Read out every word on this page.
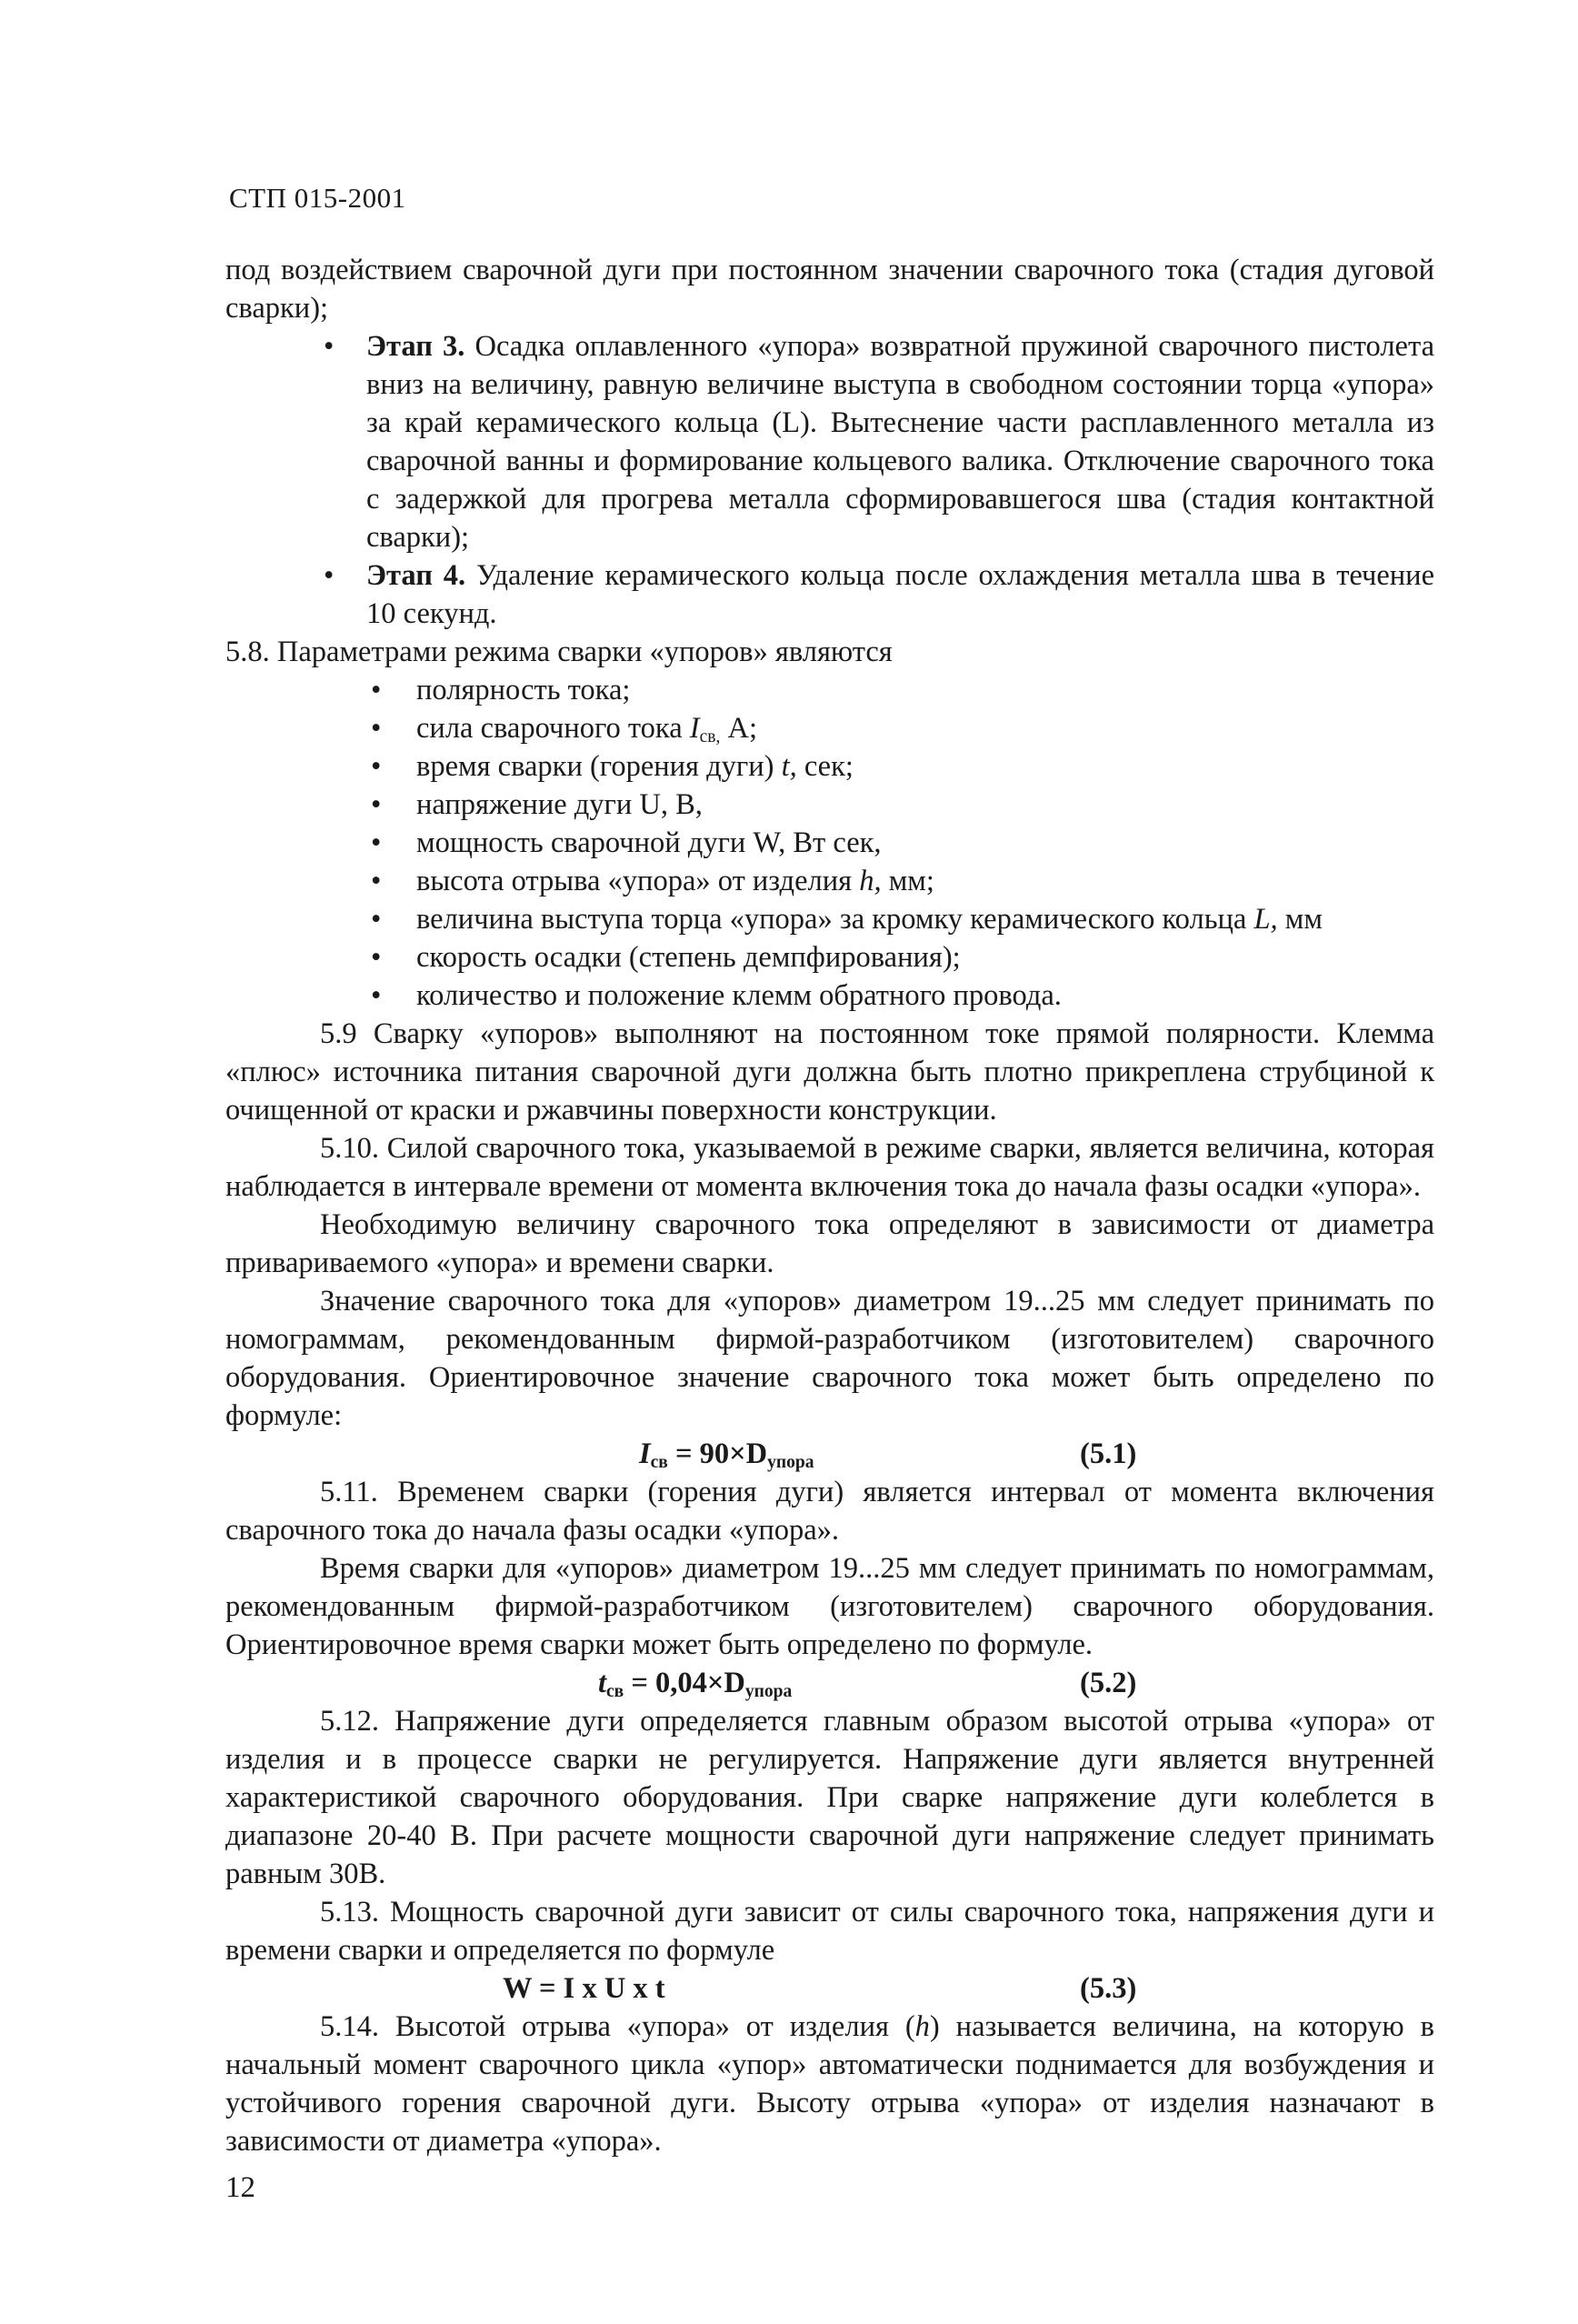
СТП 015-2001

под воздействием сварочной дуги при постоянном значении сварочного тока (стадия дуговой сварки);

• Этап 3. Осадка оплавленного «упора» возвратной пружиной сварочного пистолета вниз на величину, равную величине выступа в свободном состоянии торца «упора» за край керамического кольца (L). Вытеснение части расплавленного металла из сварочной ванны и формирование кольцевого валика. Отключение сварочного тока с задержкой для прогрева металла сформировавшегося шва (стадия контактной сварки);

• Этап 4. Удаление керамического кольца после охлаждения металла шва в течение 10 секунд.

5.8. Параметрами режима сварки «упоров» являются

• полярность тока;
• сила сварочного тока $I_{св,}$ А;
• время сварки (горения дуги) t, сек;
• напряжение дуги U, В,
• мощность сварочной дуги W, Вт сек,
• высота отрыва «упора» от изделия h, мм;
• величина выступа торца «упора» за кромку керамического кольца L, мм
• скорость осадки (степень демпфирования);
• количество и положение клемм обратного провода.

5.9 Сварку «упоров» выполняют на постоянном токе прямой полярности. Клемма «плюс» источника питания сварочной дуги должна быть плотно прикреплена струбциной к очищенной от краски и ржавчины поверхности конструкции.

5.10. Силой сварочного тока, указываемой в режиме сварки, является величина, которая наблюдается в интервале времени от момента включения тока до начала фазы осадки «упора».

Необходимую величину сварочного тока определяют в зависимости от диаметра привариваемого «упора» и времени сварки.

Значение сварочного тока для «упоров» диаметром 19...25 мм следует принимать по номограммам, рекомендованным фирмой-разработчиком (изготовителем) сварочного оборудования. Ориентировочное значение сварочного тока может быть определено по формуле:

$I_{св} = 90\times D_{упора}$	(5.1)

5.11. Временем сварки (горения дуги) является интервал от момента включения сварочного тока до начала фазы осадки «упора».

Время сварки для «упоров» диаметром 19...25 мм следует принимать по номограммам, рекомендованным фирмой-разработчиком (изготовителем) сварочного оборудования. Ориентировочное время сварки может быть определено по формуле.

$t_{св} = 0,04\times D_{упора}$	(5.2)

5.12. Напряжение дуги определяется главным образом высотой отрыва «упора» от изделия и в процессе сварки не регулируется. Напряжение дуги является внутренней характеристикой сварочного оборудования. При сварке напряжение дуги колеблется в диапазоне 20-40 В. При расчете мощности сварочной дуги напряжение следует принимать равным 30В.

5.13. Мощность сварочной дуги зависит от силы сварочного тока, напряжения дуги и времени сварки и определяется по формуле

W = I x U x t	(5.3)

5.14. Высотой отрыва «упора» от изделия (h) называется величина, на которую в начальный момент сварочного цикла «упор» автоматически поднимается для возбуждения и устойчивого горения сварочной дуги. Высоту отрыва «упора» от изделия назначают в зависимости от диаметра «упора».

12
